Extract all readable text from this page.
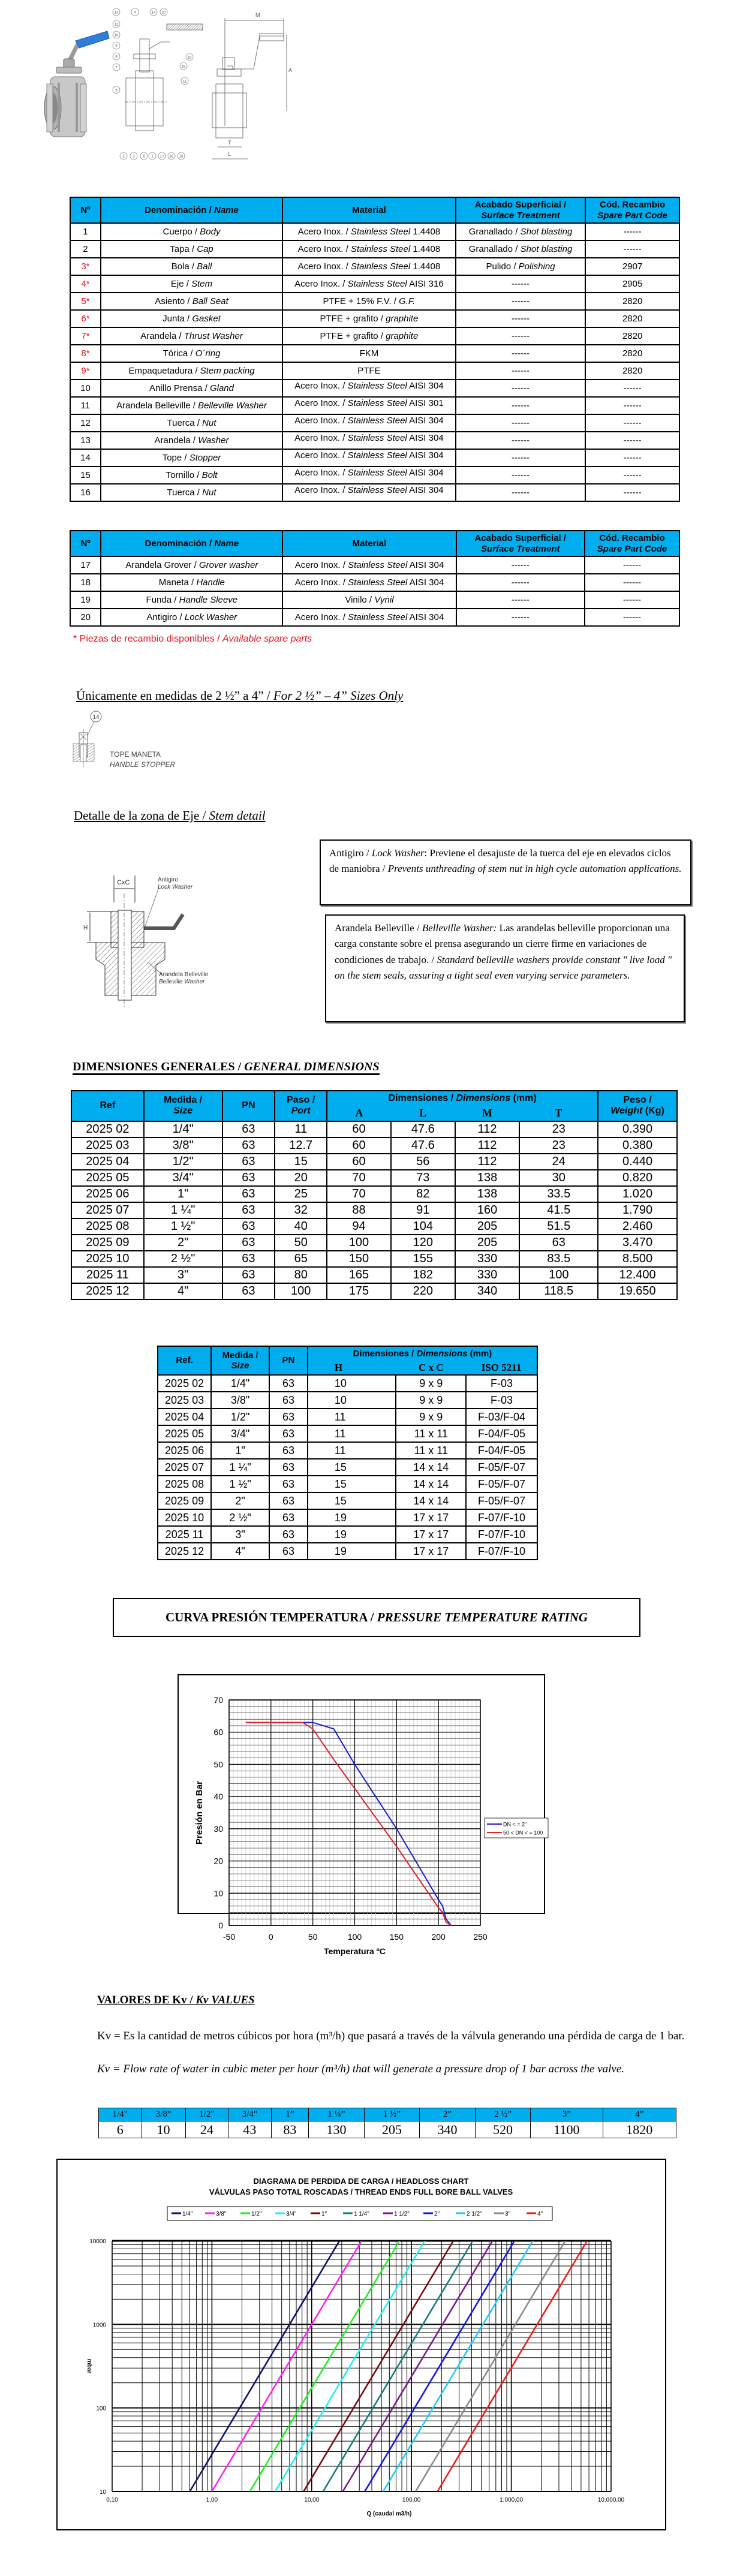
13	4	14 20
12
10
9
8
7
5
18
19
11
2 3 6 1 17 16 15
M
A
T
L
Nº	Denominación / Name	Material	Acabado Superficial /
Surface Treatment	Cód. Recambio
Spare Part Code
1	Cuerpo / Body	Acero Inox. / Stainless Steel 1.4408	Granallado / Shot blasting	------
2	Tapa / Cap	Acero Inox. / Stainless Steel 1.4408	Granallado / Shot blasting	------
3*	Bola / Ball	Acero Inox. / Stainless Steel 1.4408	Pulido / Polishing	2907
4*	Eje / Stem	Acero Inox. / Stainless Steel AISI 316	------	2905
5*	Asiento / Ball Seat	PTFE + 15% F.V. / G.F.	------	2820
6*	Junta / Gasket	PTFE + grafito / graphite	------	2820
7*	Arandela / Thrust Washer	PTFE + grafito / graphite	------	2820
8*	Tórica / O´ring	FKM	------	2820
9*	Empaquetadura / Stem packing	PTFE	------	2820
10	Anillo Prensa / Gland	Acero Inox. / Stainless Steel AISI 304	------	------
11	Arandela Belleville / Belleville Washer	Acero Inox. / Stainless Steel AISI 301	------	------
12	Tuerca / Nut	Acero Inox. / Stainless Steel AISI 304	------	------
13	Arandela / Washer	Acero Inox. / Stainless Steel AISI 304	------	------
14	Tope / Stopper	Acero Inox. / Stainless Steel AISI 304	------	------
15	Tornillo / Bolt	Acero Inox. / Stainless Steel AISI 304	------	------
16	Tuerca / Nut	Acero Inox. / Stainless Steel AISI 304	------	------
Nº	Denominación / Name	Material	Acabado Superficial /
Surface Treatment	Cód. Recambio
Spare Part Code
17	Arandela Grover / Grover washer	Acero Inox. / Stainless Steel AISI 304	------	------
18	Maneta / Handle	Acero Inox. / Stainless Steel AISI 304	------	------
19	Funda / Handle Sleeve	Vinilo / Vynil	------	------
20	Antigiro / Lock Washer	Acero Inox. / Stainless Steel AISI 304	------	------
* Piezas de recambio disponibles / Available spare parts
Únicamente en medidas de 2 ½” a 4” / For 2 ½” – 4” Sizes Only
14
TOPE MANETA
HANDLE STOPPER
Detalle de la zona de Eje / Stem detail
CxC
H
Antigiro
Lock Washer
Arandela Belleville
Belleville Washer
Antigiro / Lock Washer: Previene el desajuste de la tuerca del eje en elevados ciclos de maniobra / Prevents unthreading of stem nut in high cycle automation applications.
Arandela Belleville / Belleville Washer: Las arandelas belleville proporcionan una carga constante sobre el prensa asegurando un cierre firme en variaciones de condiciones de trabajo. / Standard belleville washers provide constant " live load " on the stem seals, assuring a tight seal even varying service parameters.
DIMENSIONES GENERALES / GENERAL DIMENSIONS
Ref	Medida /
Size	PN	Paso /
Port	Dimensiones / Dimensions (mm)				Peso /
Weight (Kg)
				A	L	M	T	
2025 02	1/4"	63	11	60	47.6	112	23	0.390
2025 03	3/8"	63	12.7	60	47.6	112	23	0.380
2025 04	1/2"	63	15	60	56	112	24	0.440
2025 05	3/4"	63	20	70	73	138	30	0.820
2025 06	1"	63	25	70	82	138	33.5	1.020
2025 07	1 ¼"	63	32	88	91	160	41.5	1.790
2025 08	1 ½"	63	40	94	104	205	51.5	2.460
2025 09	2"	63	50	100	120	205	63	3.470
2025 10	2 ½"	63	65	150	155	330	83.5	8.500
2025 11	3"	63	80	165	182	330	100	12.400
2025 12	4"	63	100	175	220	340	118.5	19.650
Ref.	Medida /
Size	PN	Dimensiones / Dimensions (mm)		
			H	C x C	ISO 5211
2025 02	1/4"	63	10	9 x 9	F-03
2025 03	3/8"	63	10	9 x 9	F-03
2025 04	1/2"	63	11	9 x 9	F-03/F-04
2025 05	3/4"	63	11	11 x 11	F-04/F-05
2025 06	1"	63	11	11 x 11	F-04/F-05
2025 07	1 ¼"	63	15	14 x 14	F-05/F-07
2025 08	1 ½"	63	15	14 x 14	F-05/F-07
2025 09	2"	63	15	14 x 14	F-05/F-07
2025 10	2 ½"	63	19	17 x 17	F-07/F-10
2025 11	3"	63	19	17 x 17	F-07/F-10
2025 12	4"	63	19	17 x 17	F-07/F-10
CURVA PRESIÓN TEMPERATURA / PRESSURE TEMPERATURE RATING
-50	0	50	100	150	200	250
0
10
20
30
40
50
60
70
Temperatura ºC
Presión en Bar	DN < = 2"
50 < DN < = 100
VALORES DE Kv / Kv VALUES
Kv = Es la cantidad de metros cúbicos por hora (m³/h) que pasará a través de la válvula generando una pérdida de carga de 1 bar.
Kv = Flow rate of water in cubic meter per hour (m³/h) that will generate a pressure drop of 1 bar across the valve.
1/4"	3/8”	1/2"	3/4"	1”	1 ¼”	1 ½”	2”	2 ½”	3”	4”
6	10	24	43	83	130	205	340	520	1100	1820
DIAGRAMA DE PERDIDA DE CARGA / HEADLOSS CHART
VÁLVULAS PASO TOTAL ROSCADAS / THREAD ENDS FULL BORE BALL VALVES
1/4"	3/8"	1/2"	3/4"	1"	1 1/4"	1 1/2"	2"	2 1/2"	3"	4"
0,10	1,00	10,00	100,00	1.000,00	10.000,00
10
100
1000
10000
Q (caudal m3/h)
mbar
